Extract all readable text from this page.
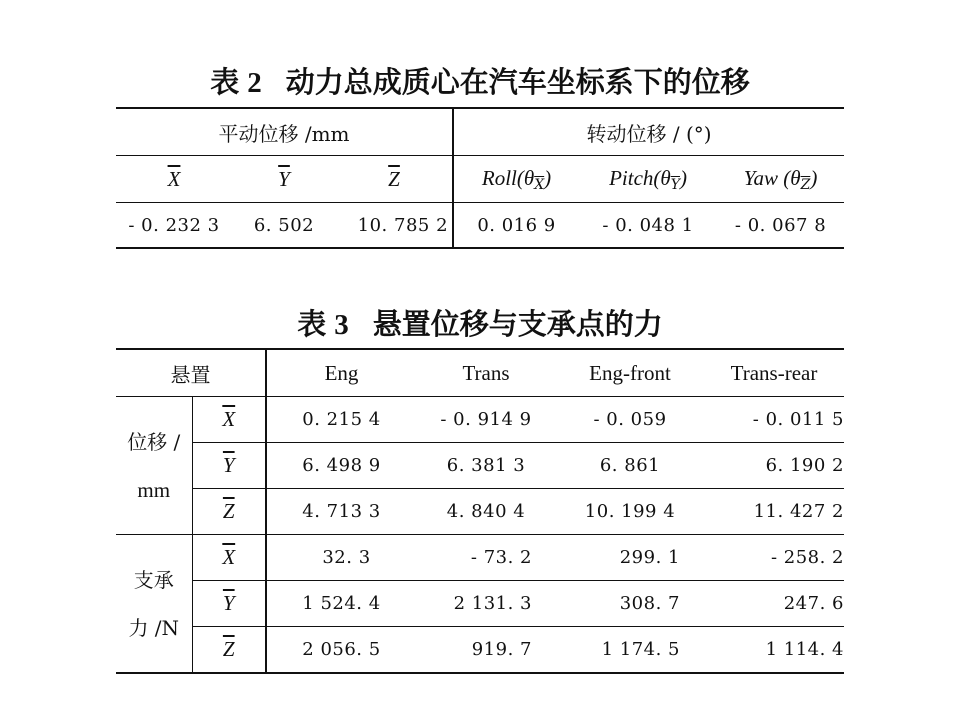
表 2 动力总成质心在汽车坐标系下的位移
平动位移 /mm			转动位移 / (°)		
$\overline{X}$	$\overline{Y}$	$\overline{Z}$	$Roll(\theta\overline{X})$	$Pitch(\theta\overline{Y})$	Yaw $(\theta\overline{Z})$
- 0. 232 3	6. 502	10. 785 2	0. 016 9	- 0. 048 1	- 0. 067 8
表 3 悬置位移与支承点的力
悬置		Eng	Trans	Eng-front	Trans-rear
位移 /
mm	$\overline{X}$	0. 215 4	- 0. 914 9	- 0. 059	- 0. 011 5
	$\overline{Y}$	6. 498 9	6. 381 3	6. 861	6. 190 2
	$\overline{Z}$	4. 713 3	4. 840 4	10. 199 4	11. 427 2
支承
力 /N	$\overline{X}$	32. 3	- 73. 2	299. 1	- 258. 2
	$\overline{Y}$	1 524. 4	2 131. 3	308. 7	247. 6
	$\overline{Z}$	2 056. 5	919. 7	1 174. 5	1 114. 4
